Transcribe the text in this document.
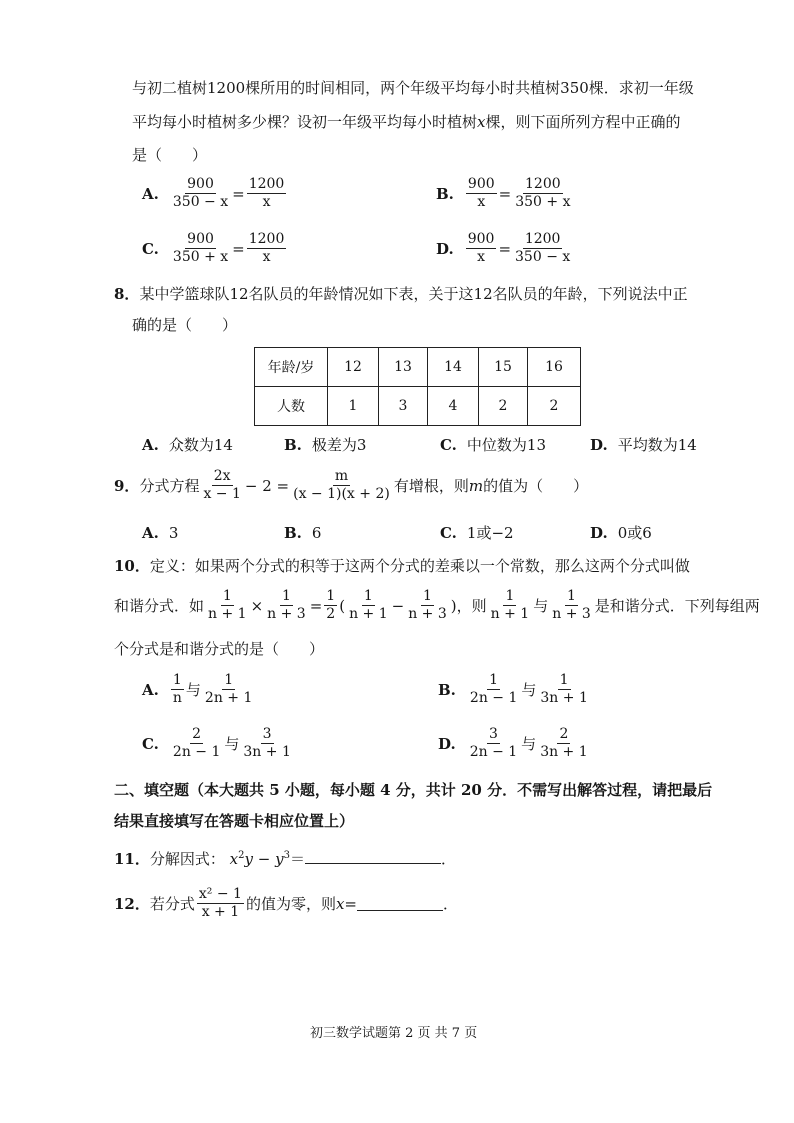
与初二植树1200棵所用的时间相同，两个年级平均每小时共植树350棵．求初一年级
平均每小时植树多少棵？设初一年级平均每小时植树x棵，则下面所列方程中正确的
是（　　）
A. $\frac{900}{350 - x} = \frac{1200}{x}$	B. $\frac{900}{x} = \frac{1200}{350 + x}$
C. $\frac{900}{350 + x} = \frac{1200}{x}$	D. $\frac{900}{x} = \frac{1200}{350 - x}$
8．某中学篮球队12名队员的年龄情况如下表，关于这12名队员的年龄，下列说法中正
确的是（　　）
年龄/岁	12	13	14	15	16
人数	1	3	4	2	2
A. 众数为14	B. 极差为3	C. 中位数为13	D. 平均数为14
9． 分式方程 $\frac{2x}{x - 1} - 2 = \frac{m}{(x - 1)(x + 2)}$ 有增根，则 m 的值为（　　）
A. 3	B. 6	C. 1或−2	D. 0或6
10．定义：如果两个分式的积等于这两个分式的差乘以一个常数，那么这两个分式叫做
和谐分式．如 $\frac{1}{n + 1} \times \frac{1}{n + 3} = \frac{1}{2}$ ( $\frac{1}{n + 1} - \frac{1}{n + 3}$ ) ，则 $\frac{1}{n + 1}$ 与 $\frac{1}{n + 3}$ 是和谐分式．下列每组两
个分式是和谐分式的是（　　）
A. $\frac{1}{n}$ 与 $\frac{1}{2n + 1}$	B. $\frac{1}{2n - 1}$ 与 $\frac{1}{3n + 1}$
C. $\frac{2}{2n - 1}$ 与 $\frac{3}{3n + 1}$	D. $\frac{3}{2n - 1}$ 与 $\frac{2}{3n + 1}$
二、填空题（本大题共 5 小题，每小题 4 分，共计 20 分．不需写出解答过程，请把最后
结果直接填写在答题卡相应位置上）
11．分解因式： $x^2y - y^3=$	．
12． 若分式 $\frac{\text{x² − 1}}{x + 1}$ 的值为零，则 x =	．
初三数学试题第 2 页 共 7 页
